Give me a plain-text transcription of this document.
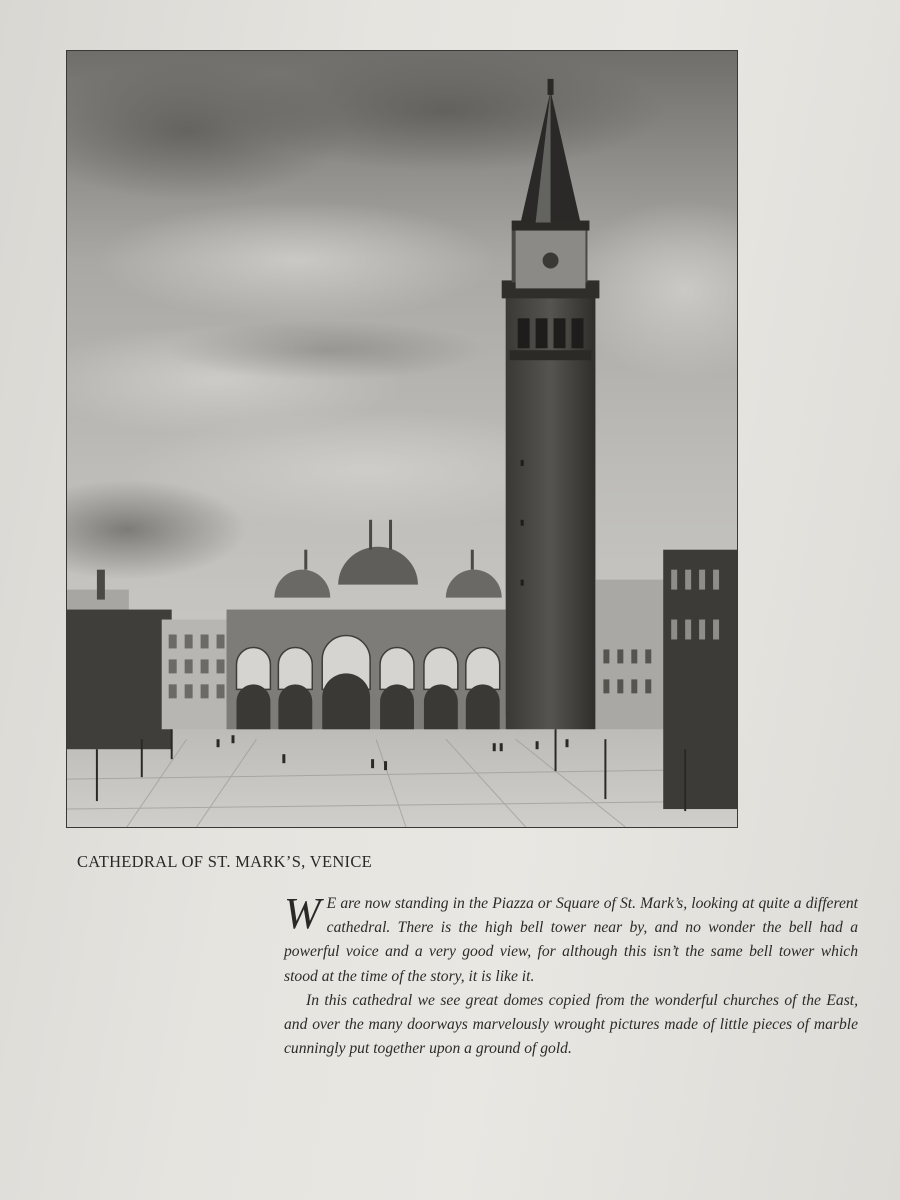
CATHEDRAL OF ST. MARK’S, VENICE

W E are now standing in the Piazza or Square of St. Mark’s, looking at quite a different cathedral. There is the high bell tower near by, and no wonder the bell had a powerful voice and a very good view, for although this isn’t the same bell tower which stood at the time of the story, it is like it.

In this cathedral we see great domes copied from the wonderful churches of the East, and over the many doorways marvelously wrought pictures made of little pieces of marble cunningly put together upon a ground of gold.
